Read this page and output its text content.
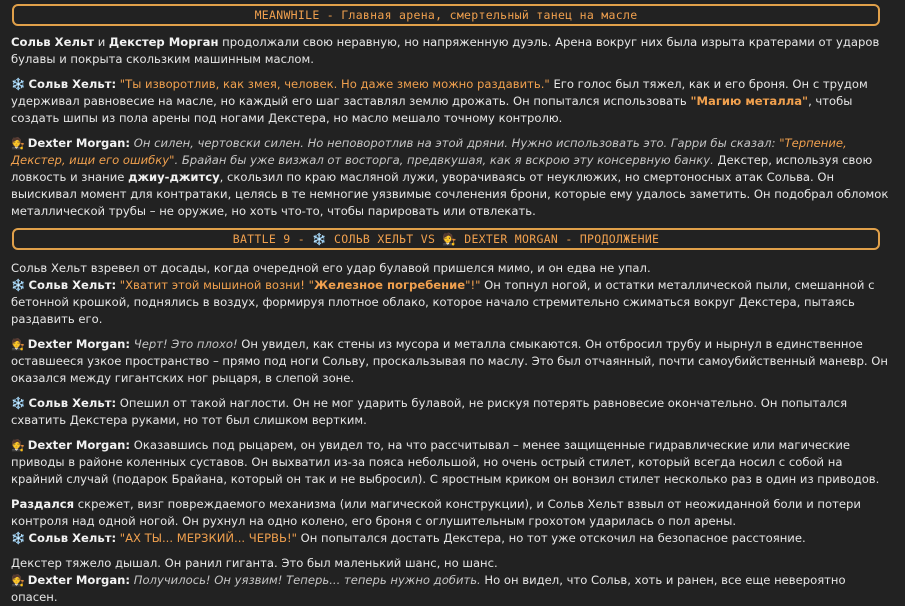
MEANWHILE - Главная арена, смертельный танец на масле

Сольв Хельт и Декстер Морган продолжали свою неравную, но напряженную дуэль. Арена вокруг них была изрыта кратерами от ударов булавы и покрыта скользким машинным маслом.

❄️ Сольв Хельт: "Ты изворотлив, как змея, человек. Но даже змею можно раздавить." Его голос был тяжел, как и его броня. Он с трудом удерживал равновесие на масле, но каждый его шаг заставлял землю дрожать. Он попытался использовать "Магию металла", чтобы создать шипы из пола арены под ногами Декстера, но масло мешало точному контролю.

🧑‍⚖️ Dexter Morgan: Он силен, чертовски силен. Но неповоротлив на этой дряни. Нужно использовать это. Гарри бы сказал: "Терпение, Декстер, ищи его ошибку". Брайан бы уже визжал от восторга, предвкушая, как я вскрою эту консервную банку. Декстер, используя свою ловкость и знание джиу-джитсу, скользил по краю масляной лужи, уворачиваясь от неуклюжих, но смертоносных атак Сольва. Он выискивал момент для контратаки, целясь в те немногие уязвимые сочленения брони, которые ему удалось заметить. Он подобрал обломок металлической трубы – не оружие, но хоть что-то, чтобы парировать или отвлекать.

BATTLE 9 - ❄️ СОЛЬВ ХЕЛЬТ VS 🧑‍⚖️ DEXTER MORGAN - ПРОДОЛЖЕНИЕ

Сольв Хельт взревел от досады, когда очередной его удар булавой пришелся мимо, и он едва не упал.

❄️ Сольв Хельт: "Хватит этой мышиной возни! "Железное погребение"!" Он топнул ногой, и остатки металлической пыли, смешанной с бетонной крошкой, поднялись в воздух, формируя плотное облако, которое начало стремительно сжиматься вокруг Декстера, пытаясь раздавить его.

🧑‍⚖️ Dexter Morgan: Черт! Это плохо! Он увидел, как стены из мусора и металла смыкаются. Он отбросил трубу и нырнул в единственное оставшееся узкое пространство – прямо под ноги Сольву, проскальзывая по маслу. Это был отчаянный, почти самоубийственный маневр. Он оказался между гигантских ног рыцаря, в слепой зоне.

❄️ Сольв Хельт: Опешил от такой наглости. Он не мог ударить булавой, не рискуя потерять равновесие окончательно. Он попытался схватить Декстера руками, но тот был слишком вертким.

🧑‍⚖️ Dexter Morgan: Оказавшись под рыцарем, он увидел то, на что рассчитывал – менее защищенные гидравлические или магические приводы в районе коленных суставов. Он выхватил из-за пояса небольшой, но очень острый стилет, который всегда носил с собой на крайний случай (подарок Брайана, который он так и не выбросил). С яростным криком он вонзил стилет несколько раз в один из приводов.

Раздался скрежет, визг повреждаемого механизма (или магической конструкции), и Сольв Хельт взвыл от неожиданной боли и потери контроля над одной ногой. Он рухнул на одно колено, его броня с оглушительным грохотом ударилась о пол арены.

❄️ Сольв Хельт: "АХ ТЫ... МЕРЗКИЙ... ЧЕРВЬ!" Он попытался достать Декстера, но тот уже отскочил на безопасное расстояние.

Декстер тяжело дышал. Он ранил гиганта. Это был маленький шанс, но шанс.

🧑‍⚖️ Dexter Morgan: Получилось! Он уязвим! Теперь... теперь нужно добить. Но он видел, что Сольв, хоть и ранен, все еще невероятно опасен.
